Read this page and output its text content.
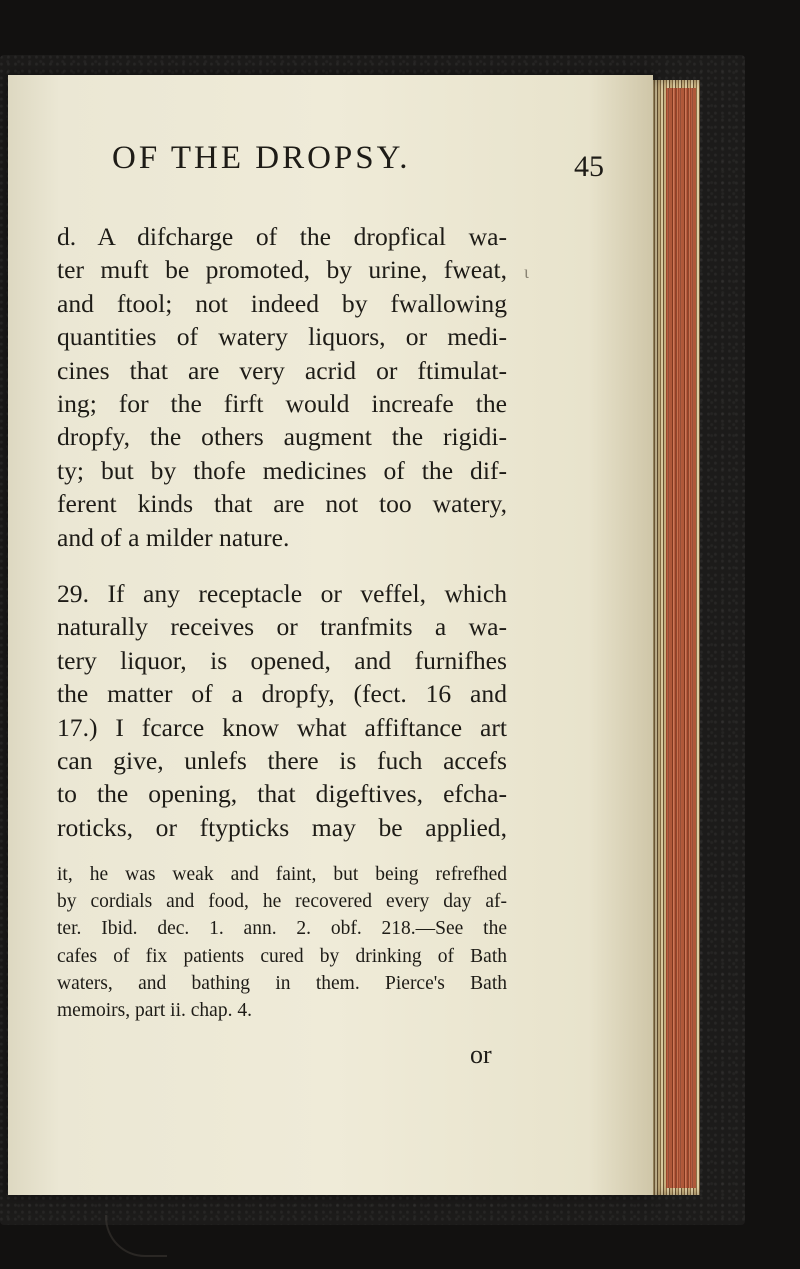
OF THE DROPSY.	45
ι

d. A difcharge of the dropfical wa-
ter muft be promoted, by urine, fweat,
and ftool; not indeed by fwallowing
quantities of watery liquors, or medi-
cines that are very acrid or ftimulat-
ing; for the firft would increafe the
dropfy, the others augment the rigidi-
ty; but by thofe medicines of the dif-
ferent kinds that are not too watery,
and of a milder nature.

29. If any receptacle or veffel, which
naturally receives or tranfmits a wa-
tery liquor, is opened, and furnifhes
the matter of a dropfy, (fect. 16 and
17.) I fcarce know what affiftance art
can give, unlefs there is fuch accefs
to the opening, that digeftives, efcha-
roticks, or ftypticks may be applied,

it, he was weak and faint, but being refrefhed
by cordials and food, he recovered every day af-
ter. Ibid. dec. 1. ann. 2. obf. 218.—See the
cafes of fix patients cured by drinking of Bath
waters, and bathing in them. Pierce's Bath
memoirs, part ii. chap. 4.

or
